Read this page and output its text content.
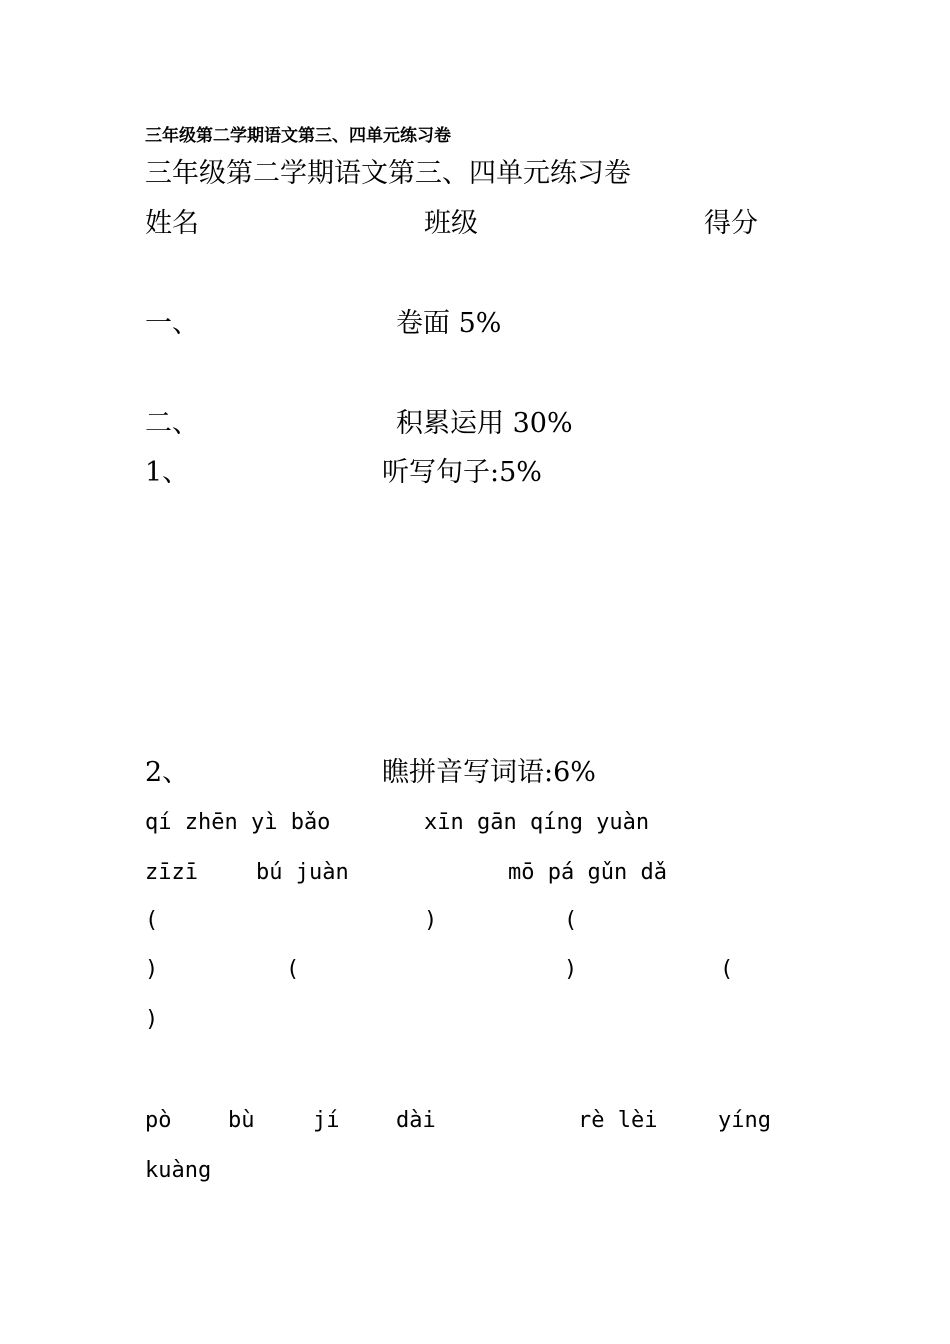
三年级第二学期语文第三、四单元练习卷
三年级第二学期语文第三、四单元练习卷
姓名	班级	得分
一、	卷面 5%
二、	积累运用 30%
1、	听写句子:5%
2、	瞧拼音写词语:6%
qí zhēn yì bǎo	xīn gān qíng yuàn
zīzī	bú juàn	mō pá gǔn dǎ
(	)	(
)	(	)	(
)
pò	bù	jí	dài	rè lèi	yíng
kuàng
